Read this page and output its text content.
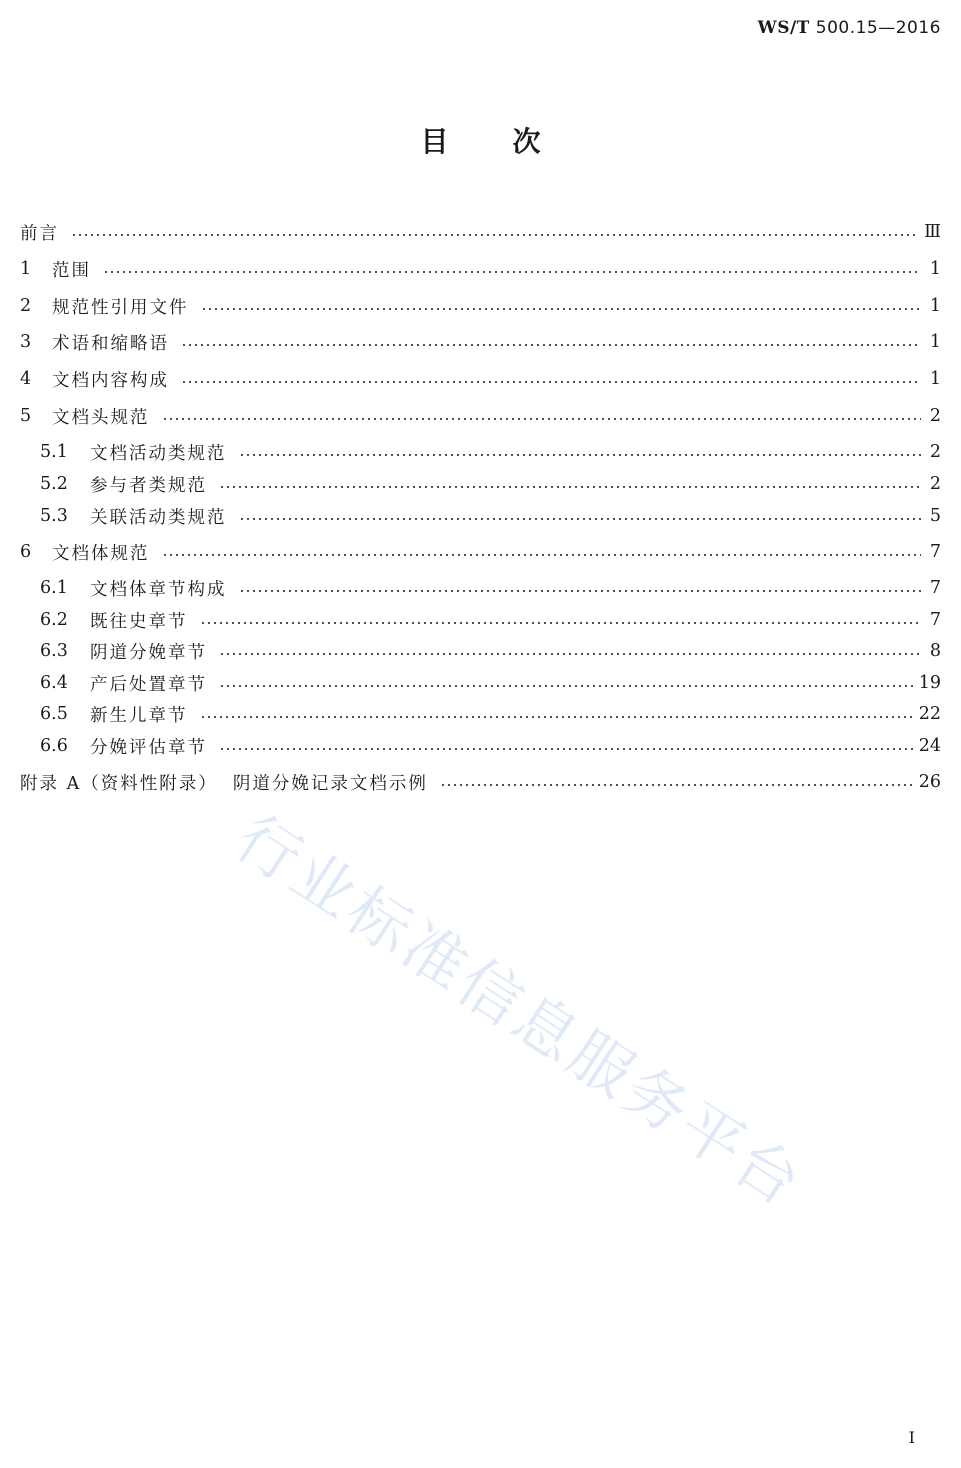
WS/T 500.15—2016
目 次
前言	Ⅲ
1	范围	1
2	规范性引用文件	1
3	术语和缩略语	1
4	文档内容构成	1
5	文档头规范	2
5.1	文档活动类规范	2
5.2	参与者类规范	2
5.3	关联活动类规范	5
6	文档体规范	7
6.1	文档体章节构成	7
6.2	既往史章节	7
6.3	阴道分娩章节	8
6.4	产后处置章节	19
6.5	新生儿章节	22
6.6	分娩评估章节	24
附录 A（资料性附录）  阴道分娩记录文档示例	26
行业标准信息服务平台
I
